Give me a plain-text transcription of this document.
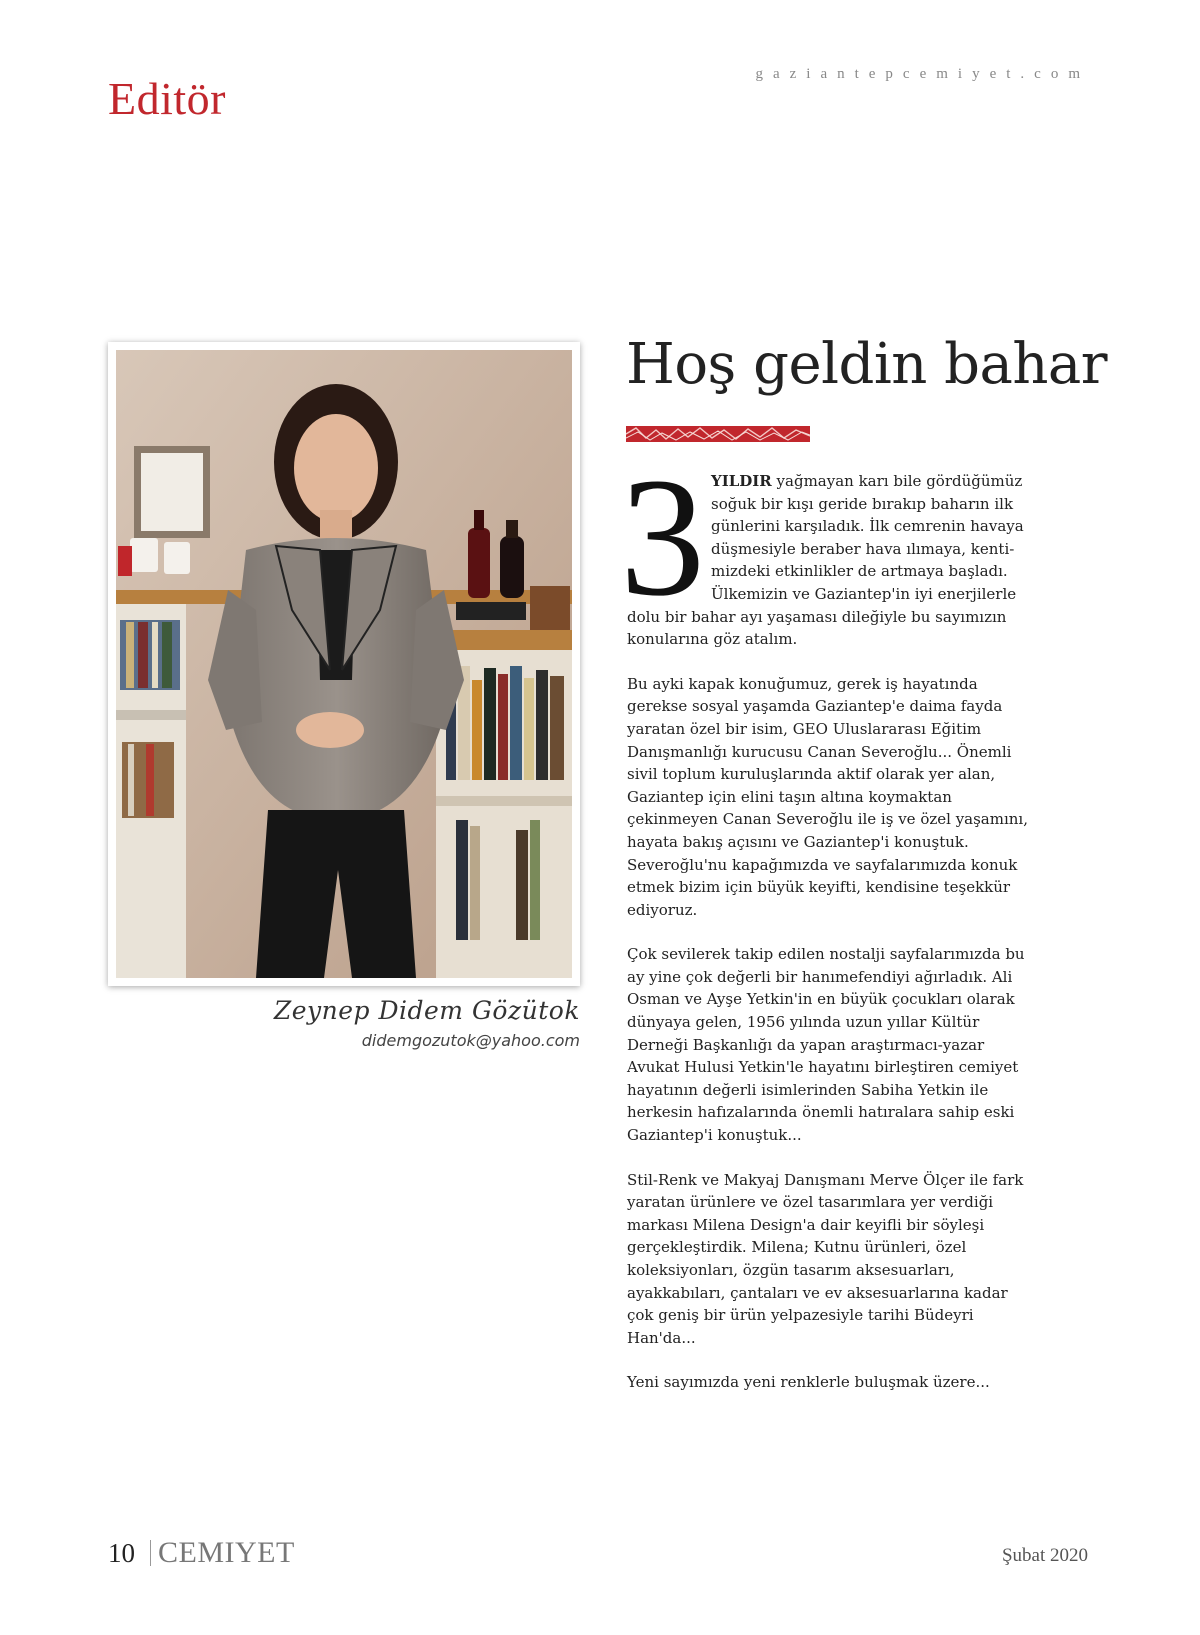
Editör	gaziantepcemiyet.com
Zeynep Didem Gözütok
didemgozutok@yahoo.com
Hoş geldin bahar
3 YILDIR yağmayan karı bile gördüğümüz
soğuk bir kışı geride bırakıp baharın ilk
günlerini karşıladık. İlk cemrenin havaya
düşmesiyle beraber hava ılımaya, kenti-
mizdeki etkinlikler de artmaya başladı.
Ülkemizin ve Gaziantep'in iyi enerjilerle
dolu bir bahar ayı yaşaması dileğiyle bu sayımızın
konularına göz atalım.

Bu ayki kapak konuğumuz, gerek iş hayatında gerekse sosyal yaşamda Gaziantep'e daima fayda yaratan özel bir isim, GEO Uluslararası Eğitim Danışmanlığı kurucusu Canan Severoğlu... Önemli sivil toplum kuruluşlarında aktif olarak yer alan, Gaziantep için elini taşın altına koymaktan çekinmeyen Canan Severoğlu ile iş ve özel yaşamını, hayata bakış açısını ve Gaziantep'i konuştuk. Severoğlu'nu kapağımızda ve sayfalarımızda konuk etmek bizim için büyük keyifti, kendisine teşekkür ediyoruz.

Çok sevilerek takip edilen nostalji sayfalarımızda bu ay yine çok değerli bir hanımefendiyi ağırladık. Ali Osman ve Ayşe Yetkin'in en büyük çocukları olarak dünyaya gelen, 1956 yılında uzun yıllar Kültür Derneği Başkanlığı da yapan araştırmacı-yazar Avukat Hulusi Yetkin'le hayatını birleştiren cemiyet hayatının değerli isimlerinden Sabiha Yetkin ile herkesin hafızalarında önemli hatıralara sahip eski Gaziantep'i konuştuk...

Stil-Renk ve Makyaj Danışmanı Merve Ölçer ile fark yaratan ürünlere ve özel tasarımlara yer verdiği markası Milena Design'a dair keyifli bir söyleşi gerçekleştirdik. Milena; Kutnu ürünleri, özel koleksiyonları, özgün tasarım aksesuarları, ayakkabıları, çantaları ve ev aksesuarlarına kadar çok geniş bir ürün yelpazesiyle tarihi Büdeyri Han'da...

Yeni sayımızda yeni renklerle buluşmak üzere...

10 CEMIYET	Şubat 2020
